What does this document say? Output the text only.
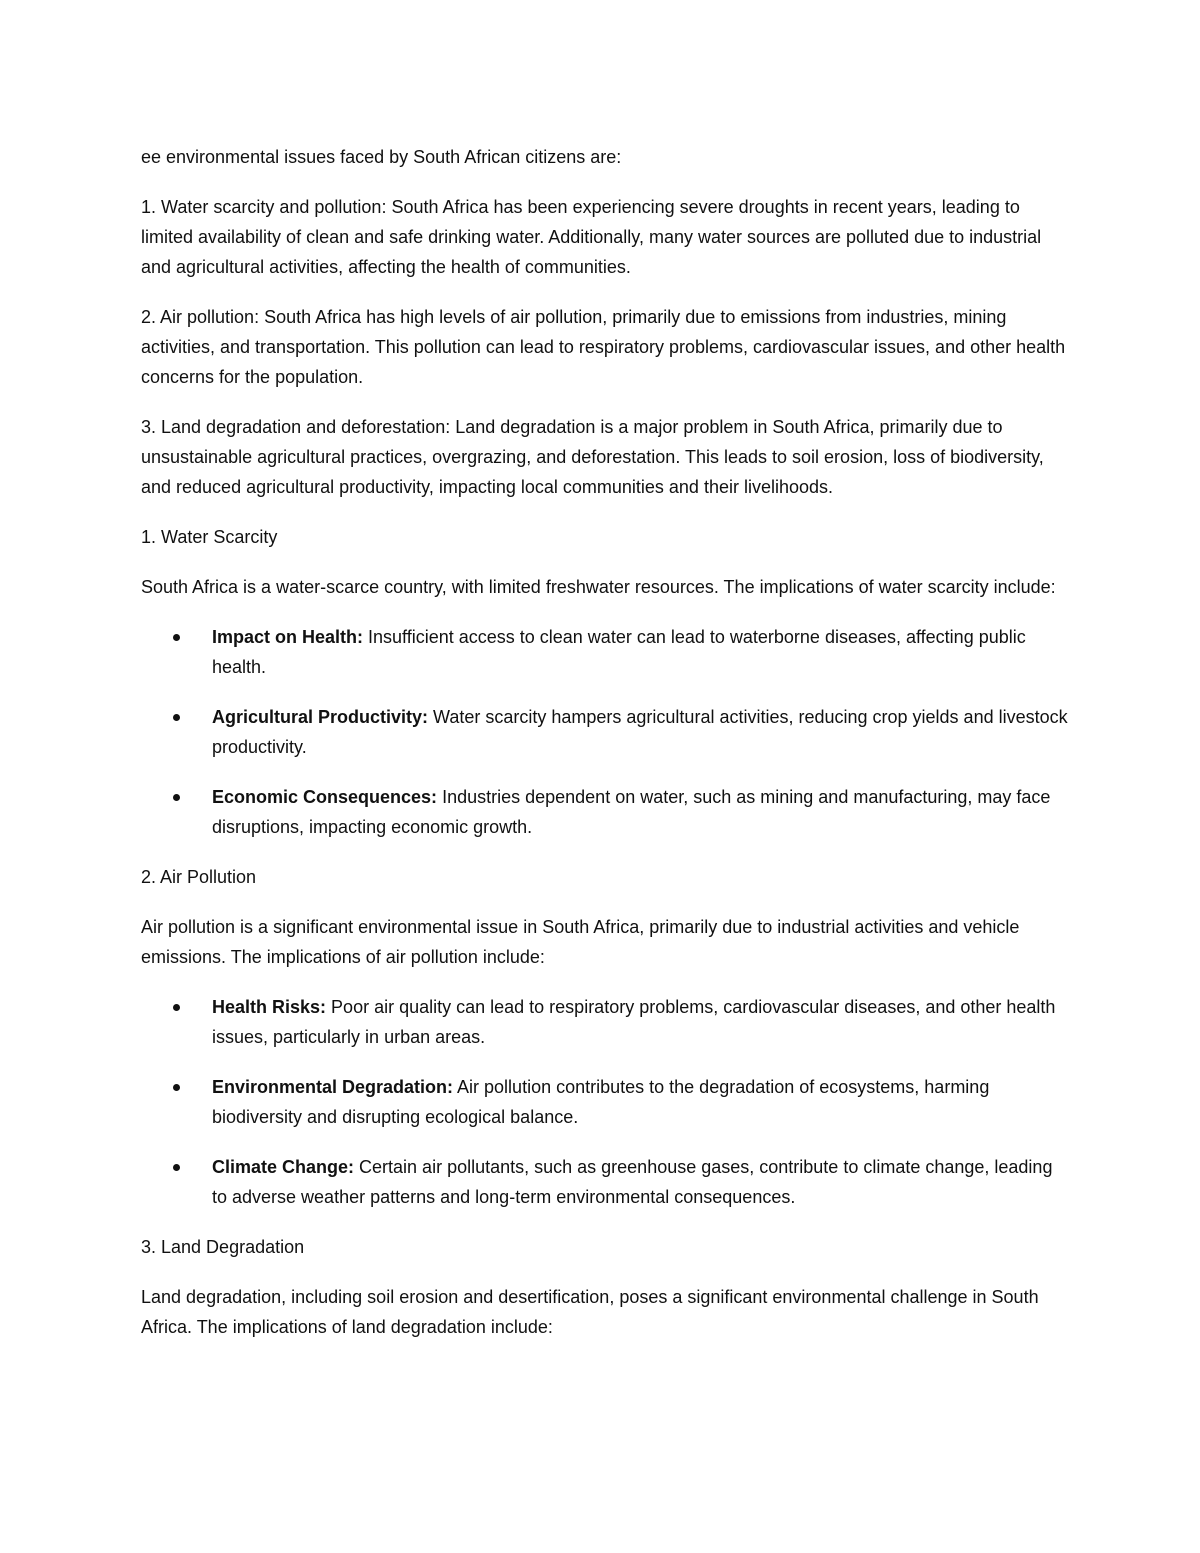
ee environmental issues faced by South African citizens are:

1. Water scarcity and pollution: South Africa has been experiencing severe droughts in recent years, leading to limited availability of clean and safe drinking water. Additionally, many water sources are polluted due to industrial and agricultural activities, affecting the health of communities.

2. Air pollution: South Africa has high levels of air pollution, primarily due to emissions from industries, mining activities, and transportation. This pollution can lead to respiratory problems, cardiovascular issues, and other health concerns for the population.

3. Land degradation and deforestation: Land degradation is a major problem in South Africa, primarily due to unsustainable agricultural practices, overgrazing, and deforestation. This leads to soil erosion, loss of biodiversity, and reduced agricultural productivity, impacting local communities and their livelihoods.

1. Water Scarcity

South Africa is a water-scarce country, with limited freshwater resources. The implications of water scarcity include:

Impact on Health: Insufficient access to clean water can lead to waterborne diseases, affecting public health.
Agricultural Productivity: Water scarcity hampers agricultural activities, reducing crop yields and livestock productivity.
Economic Consequences: Industries dependent on water, such as mining and manufacturing, may face disruptions, impacting economic growth.

2. Air Pollution

Air pollution is a significant environmental issue in South Africa, primarily due to industrial activities and vehicle emissions. The implications of air pollution include:

Health Risks: Poor air quality can lead to respiratory problems, cardiovascular diseases, and other health issues, particularly in urban areas.
Environmental Degradation: Air pollution contributes to the degradation of ecosystems, harming biodiversity and disrupting ecological balance.
Climate Change: Certain air pollutants, such as greenhouse gases, contribute to climate change, leading to adverse weather patterns and long-term environmental consequences.

3. Land Degradation

Land degradation, including soil erosion and desertification, poses a significant environmental challenge in South Africa. The implications of land degradation include:
